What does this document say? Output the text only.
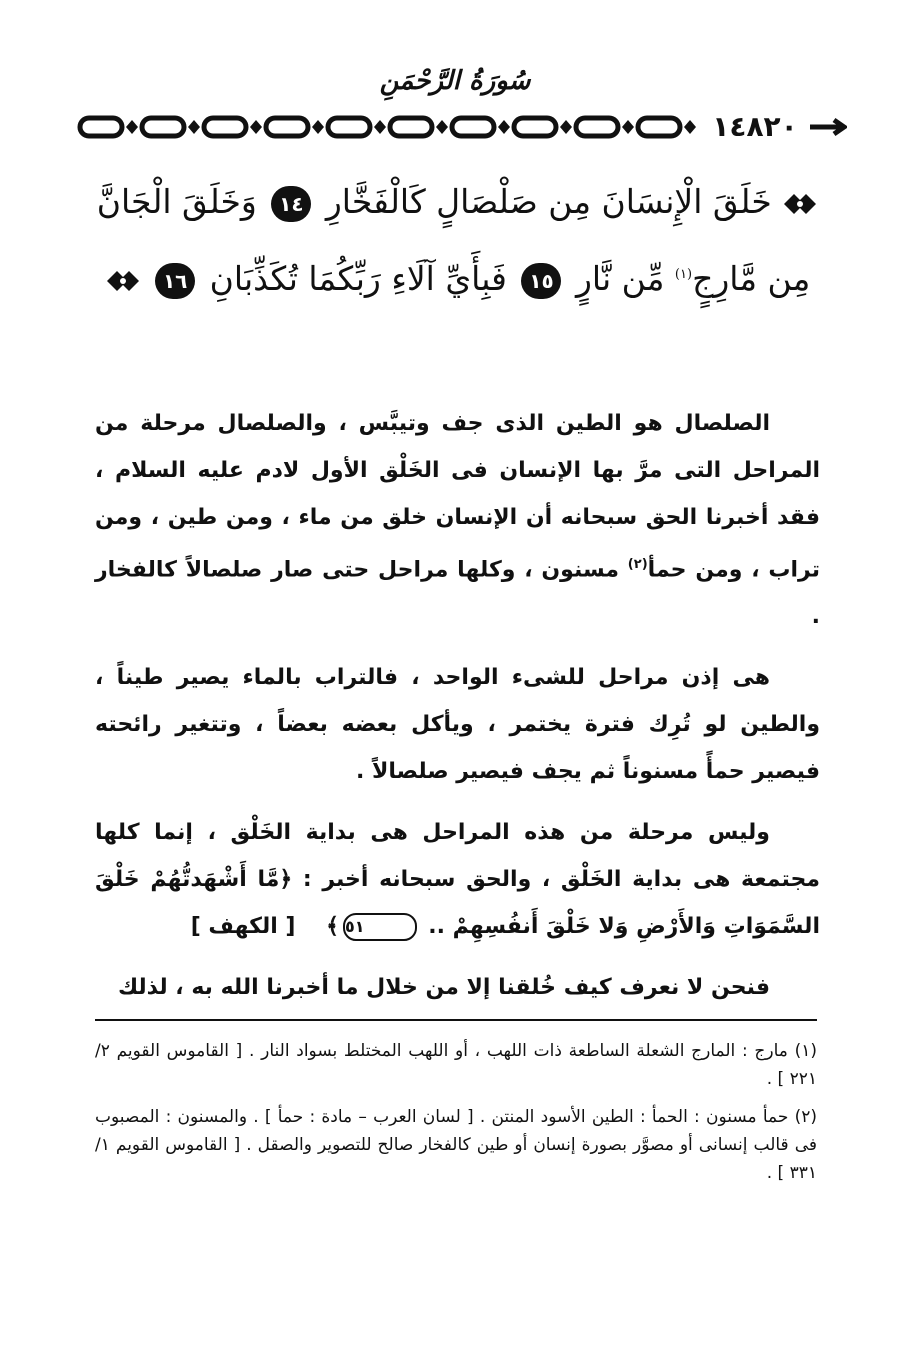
سُورَةُ الرَّحْمَنِ
١٤٨٢٠
خَلَقَ الْإِنسَانَ مِن صَلْصَالٍ كَالْفَخَّارِ ١٤ وَخَلَقَ الْجَانَّ مِن مَّارِجٍ$^{(١)}$ مِّن نَّارٍ ١٥ فَبِأَيِّ آلَاءِ رَبِّكُمَا تُكَذِّبَانِ ١٦

الصلصال هو الطين الذى جف وتيبَّس ، والصلصال مرحلة من المراحل التى مرَّ بها الإنسان فى الخَلْق الأول لادم عليه السلام ، فقد أخبرنا الحق سبحانه أن الإنسان خلق من ماء ، ومن طين ، ومن تراب ، ومن حمأ$^{(٢)}$ مسنون ، وكلها مراحل حتى صار صلصالاً كالفخار .

هى إذن مراحل للشىء الواحد ، فالتراب بالماء يصير طيناً ، والطين لو تُرِك فترة يختمر ، ويأكل بعضه بعضاً ، وتتغير رائحته فيصير حمأً مسنوناً ثم يجف فيصير صلصالاً .

وليس مرحلة من هذه المراحل هى بداية الخَلْق ، إنما كلها مجتمعة هى بداية الخَلْق ، والحق سبحانه أخبر : ﴿مَّا أَشْهَدتُّهُمْ خَلْقَ السَّمَوَاتِ وَالأَرْضِ وَلا خَلْقَ أَنفُسِهِمْ .. ٥١﴾    [ الكهف ]

فنحن لا نعرف كيف خُلقنا إلا من خلال ما أخبرنا الله به ، لذلك

(١) مارج : المارج الشعلة الساطعة ذات اللهب ، أو اللهب المختلط بسواد النار . [ القاموس القويم ٢/ ٢٢١ ] .

(٢) حمأ مسنون : الحمأ : الطين الأسود المنتن . [ لسان العرب – مادة : حمأ ] . والمسنون : المصبوب فى قالب إنسانى أو مصوَّر بصورة إنسان أو طين كالفخار صالح للتصوير والصقل . [ القاموس القويم ١/ ٣٣١ ] .
